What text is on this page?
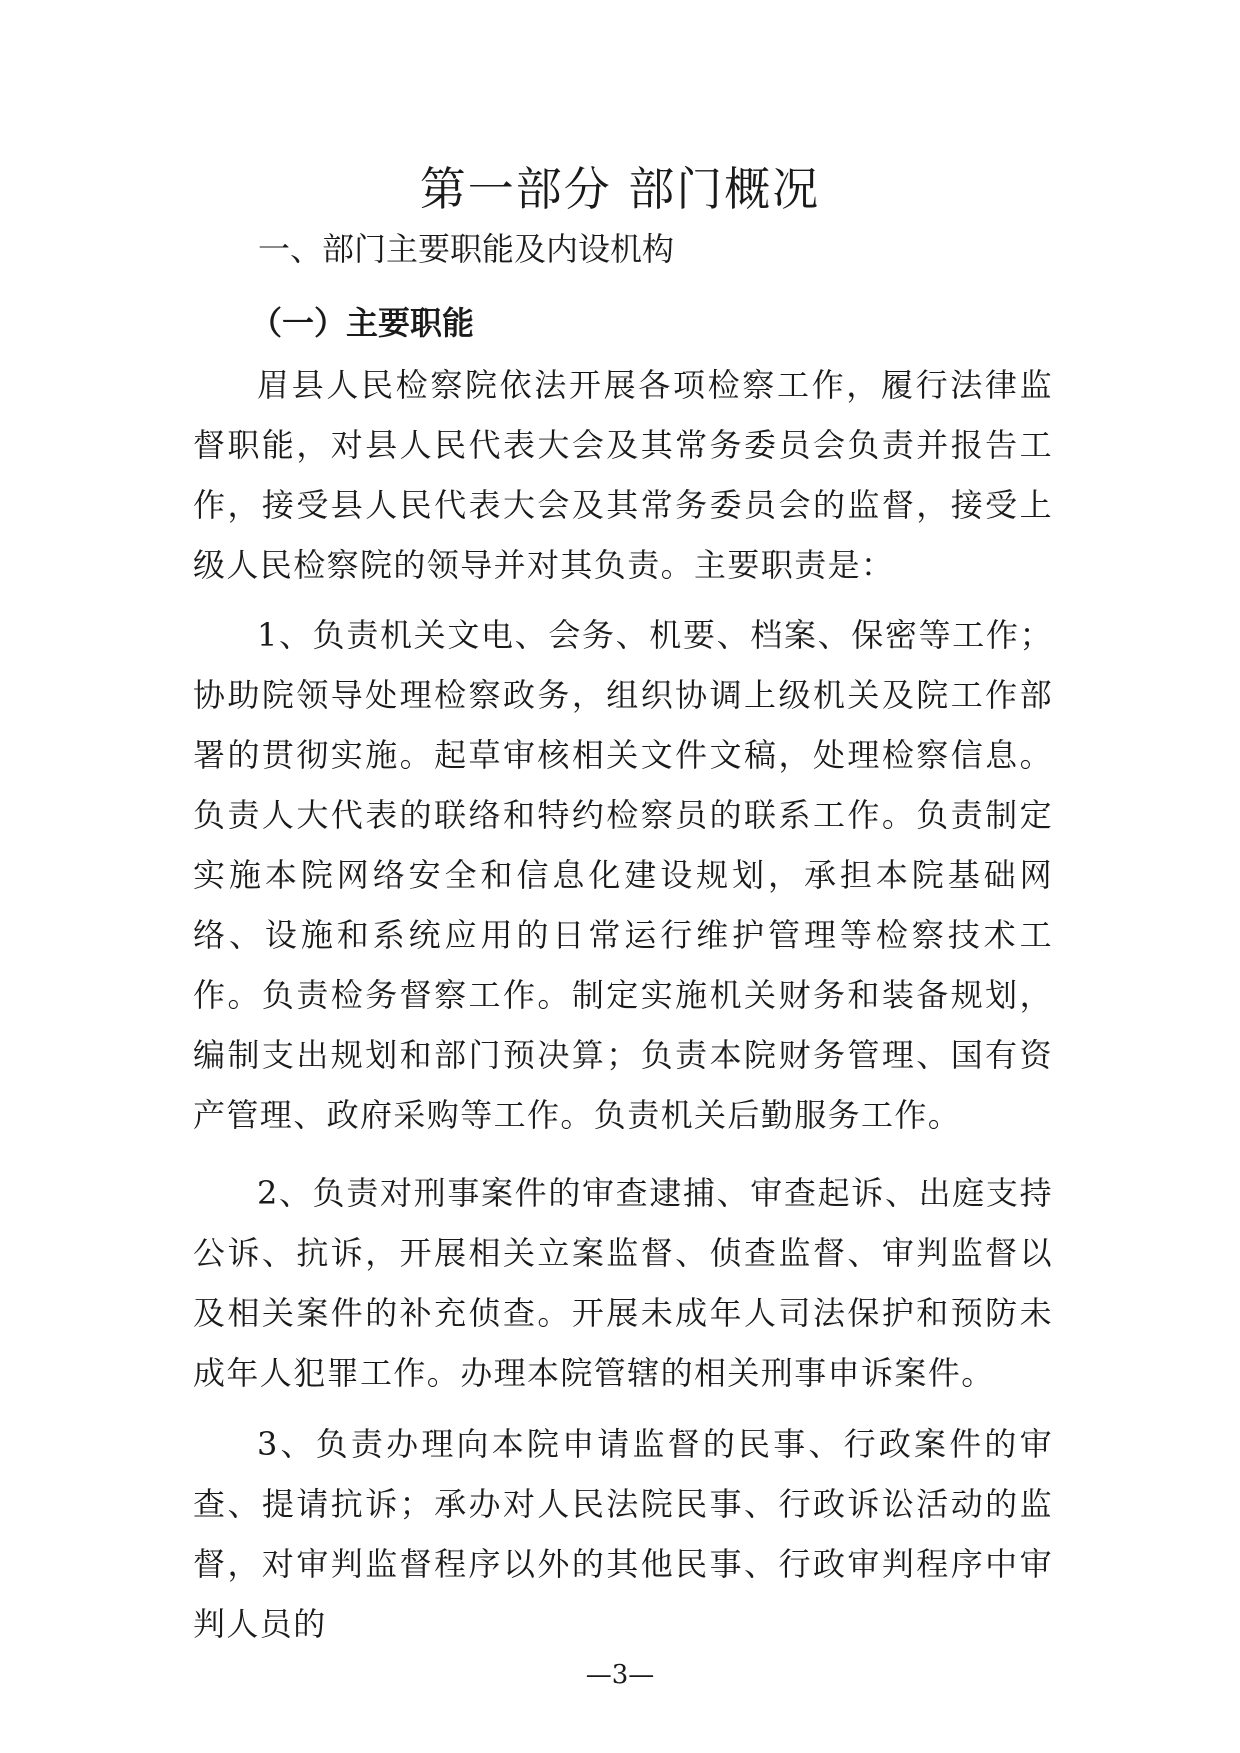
第一部分 部门概况
一、部门主要职能及内设机构
（一）主要职能

眉县人民检察院依法开展各项检察工作，履行法律监督职能，对县人民代表大会及其常务委员会负责并报告工作，接受县人民代表大会及其常务委员会的监督，接受上级人民检察院的领导并对其负责。主要职责是：

1、负责机关文电、会务、机要、档案、保密等工作；协助院领导处理检察政务，组织协调上级机关及院工作部署的贯彻实施。起草审核相关文件文稿，处理检察信息。负责人大代表的联络和特约检察员的联系工作。负责制定实施本院网络安全和信息化建设规划，承担本院基础网络、设施和系统应用的日常运行维护管理等检察技术工作。负责检务督察工作。制定实施机关财务和装备规划，编制支出规划和部门预决算；负责本院财务管理、国有资产管理、政府采购等工作。负责机关后勤服务工作。

2、负责对刑事案件的审查逮捕、审查起诉、出庭支持公诉、抗诉，开展相关立案监督、侦查监督、审判监督以及相关案件的补充侦查。开展未成年人司法保护和预防未成年人犯罪工作。办理本院管辖的相关刑事申诉案件。

3、负责办理向本院申请监督的民事、行政案件的审查、提请抗诉；承办对人民法院民事、行政诉讼活动的监督，对审判监督程序以外的其他民事、行政审判程序中审判人员的

—3—
